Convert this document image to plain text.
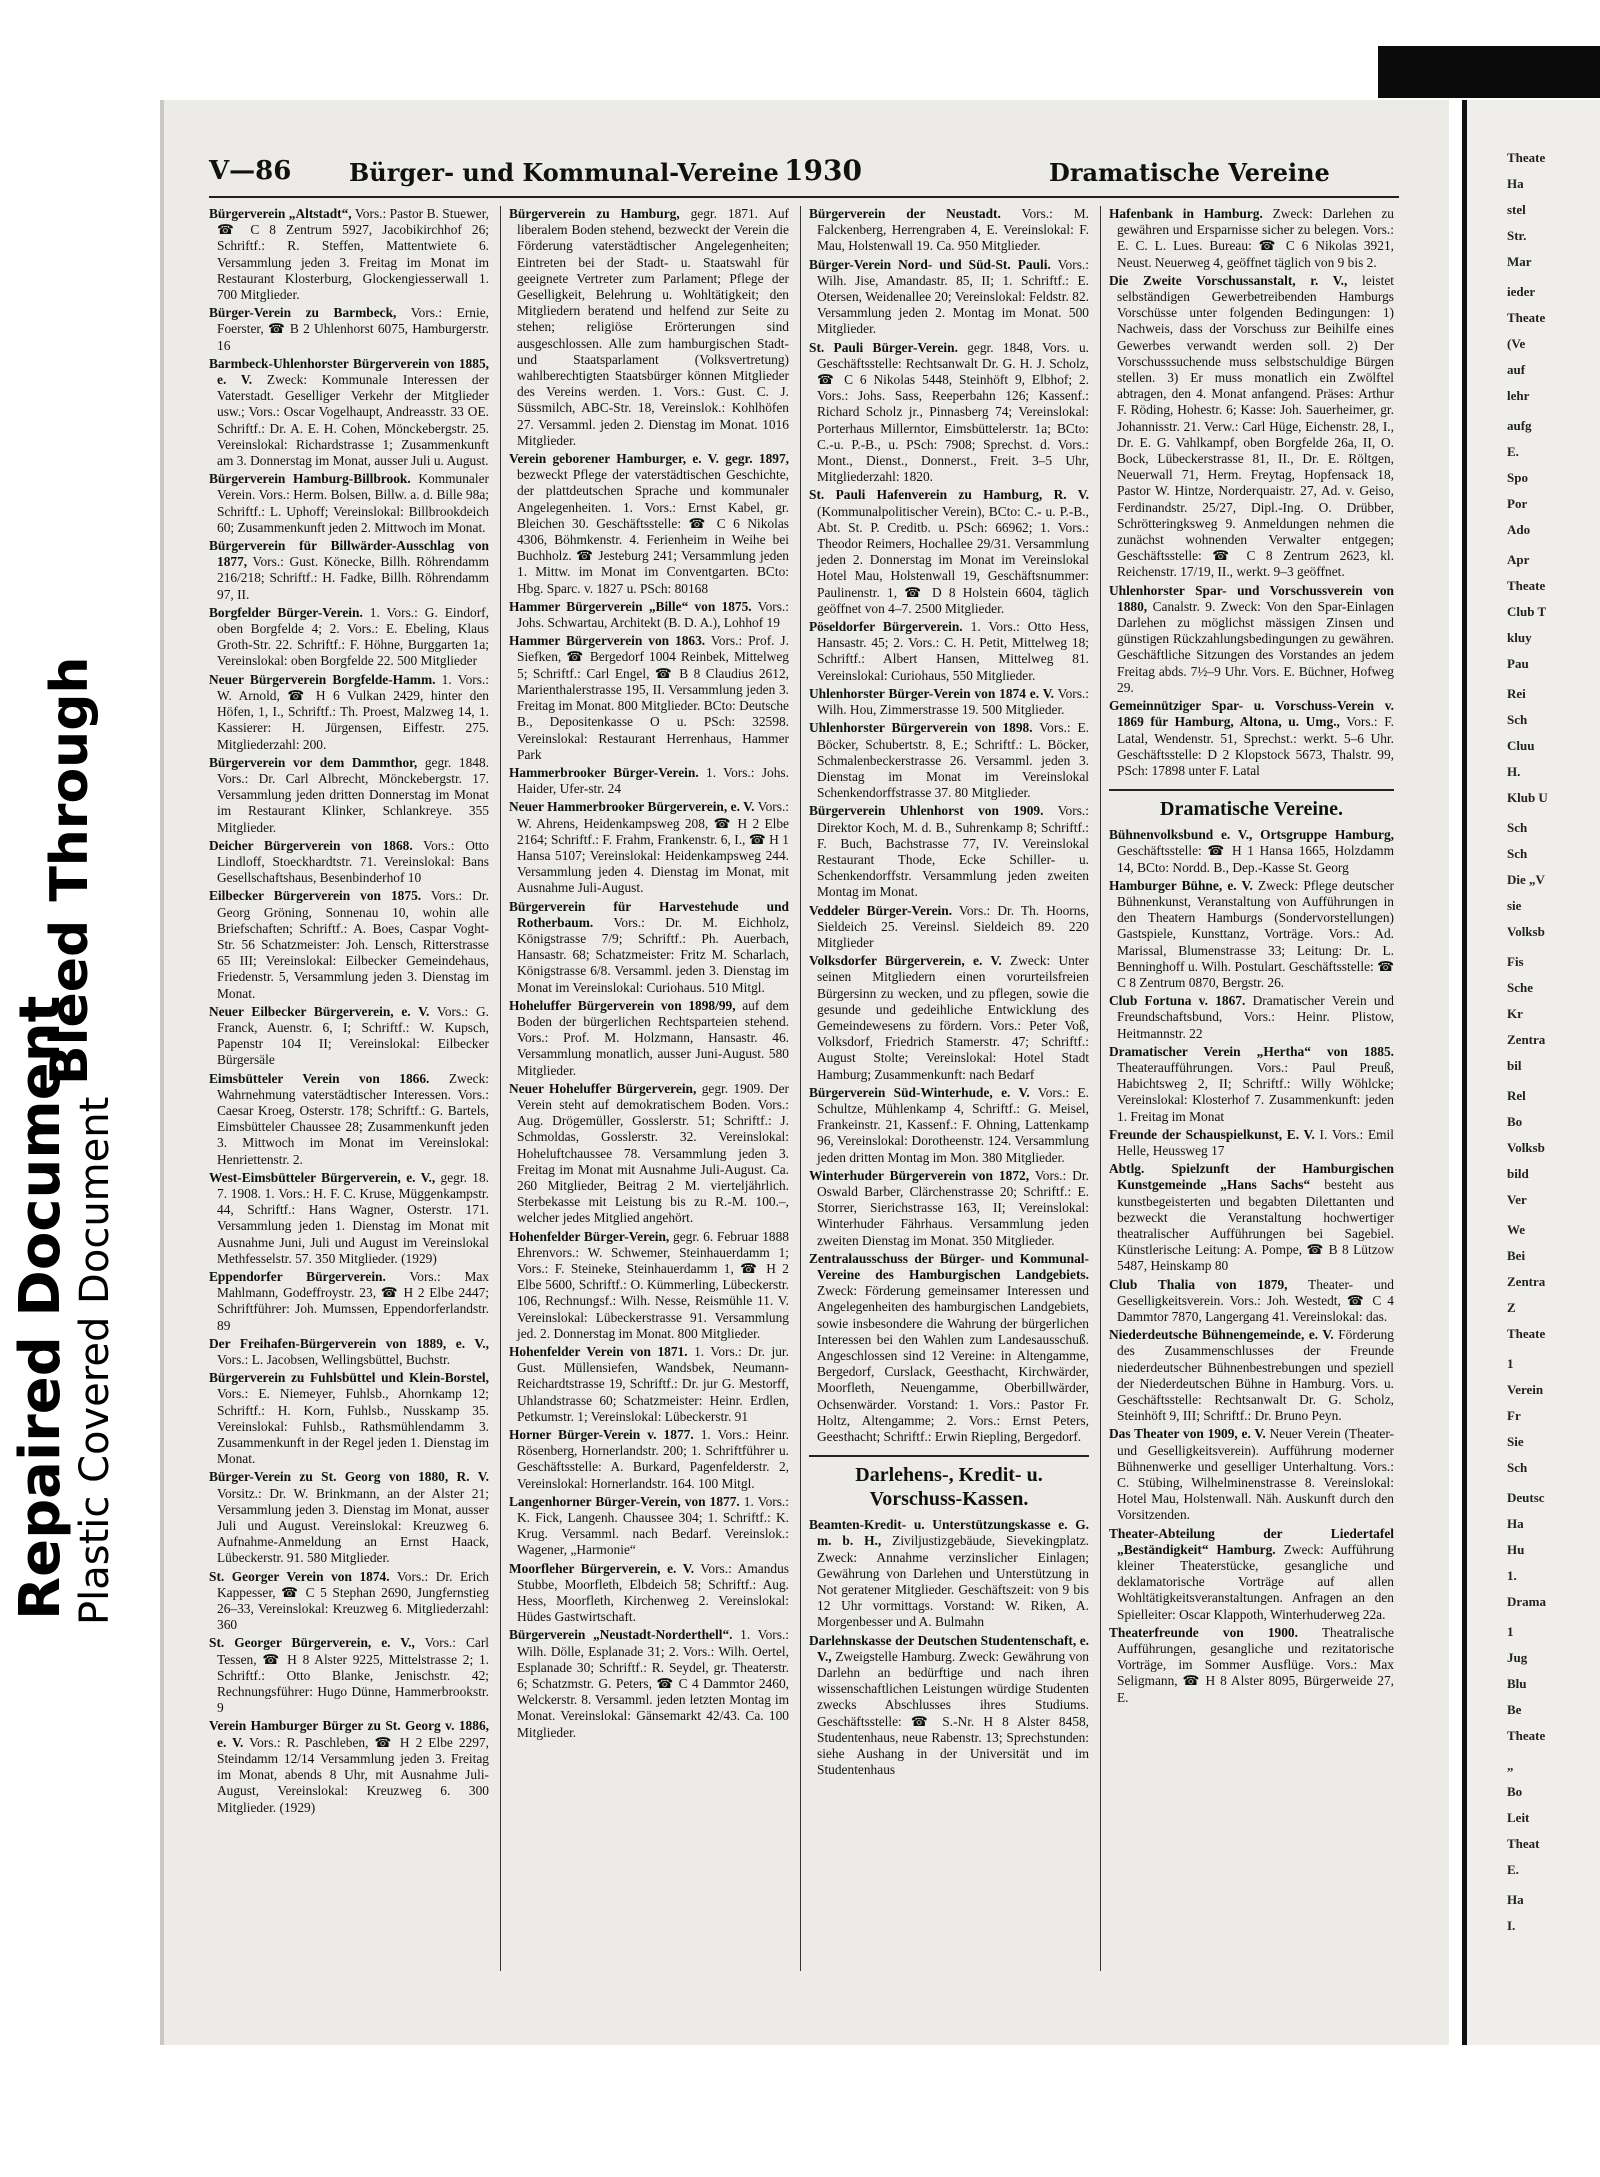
Repaired Document Plastic Covered Document
Bleed Through
V—86 Bürger- und Kommunal-Vereine 1930	Dramatische Vereine

Bürgerverein „Altstadt“, Vors.: Pastor B. Stuewer, ☎ C 8 Zentrum 5927, Jacobikirchhof 26; Schriftf.: R. Steffen, Mattentwiete 6. Versammlung jeden 3. Freitag im Monat im Restaurant Klosterburg, Glockengiesserwall 1. 700 Mitglieder.

Bürger-Verein zu Barmbeck, Vors.: Ernie, Foerster, ☎ B 2 Uhlenhorst 6075, Hamburgerstr. 16

Barmbeck-Uhlenhorster Bürgerverein von 1885, e. V. Zweck: Kommunale Interessen der Vaterstadt. Geselliger Verkehr der Mitglieder usw.; Vors.: Oscar Vogelhaupt, Andreasstr. 33 OE. Schriftf.: Dr. A. E. H. Cohen, Mönckebergstr. 25. Vereinslokal: Richardstrasse 1; Zusammenkunft am 3. Donnerstag im Monat, ausser Juli u. August.

Bürgerverein Hamburg-Billbrook. Kommunaler Verein. Vors.: Herm. Bolsen, Billw. a. d. Bille 98a; Schriftf.: L. Uphoff; Vereinslokal: Billbrookdeich 60; Zusammenkunft jeden 2. Mittwoch im Monat.

Bürgerverein für Billwärder-Ausschlag von 1877, Vors.: Gust. Könecke, Billh. Röhrendamm 216/218; Schriftf.: H. Fadke, Billh. Röhrendamm 97, II.

Borgfelder Bürger-Verein. 1. Vors.: G. Eindorf, oben Borgfelde 4; 2. Vors.: E. Ebeling, Klaus Groth-Str. 22. Schriftf.: F. Höhne, Burggarten 1a; Vereinslokal: oben Borgfelde 22. 500 Mitglieder

Neuer Bürgerverein Borgfelde-Hamm. 1. Vors.: W. Arnold, ☎ H 6 Vulkan 2429, hinter den Höfen, 1, I., Schriftf.: Th. Proest, Malzweg 14, 1. Kassierer: H. Jürgensen, Eiffestr. 275. Mitgliederzahl: 200.

Bürgerverein vor dem Dammthor, gegr. 1848. Vors.: Dr. Carl Albrecht, Mönckebergstr. 17. Versammlung jeden dritten Donnerstag im Monat im Restaurant Klinker, Schlankreye. 355 Mitglieder.

Deicher Bürgerverein von 1868. Vors.: Otto Lindloff, Stoeckhardtstr. 71. Vereinslokal: Bans Gesellschaftshaus, Besenbinderhof 10

Eilbecker Bürgerverein von 1875. Vors.: Dr. Georg Gröning, Sonnenau 10, wohin alle Briefschaften; Schriftf.: A. Boes, Caspar Voght-Str. 56 Schatzmeister: Joh. Lensch, Ritterstrasse 65 III; Vereinslokal: Eilbecker Gemeindehaus, Friedenstr. 5, Versammlung jeden 3. Dienstag im Monat.

Neuer Eilbecker Bürgerverein, e. V. Vors.: G. Franck, Auenstr. 6, I; Schriftf.: W. Kupsch, Papenstr 104 II; Vereinslokal: Eilbecker Bürgersäle

Eimsbütteler Verein von 1866. Zweck: Wahrnehmung vaterstädtischer Interessen. Vors.: Caesar Kroeg, Osterstr. 178; Schriftf.: G. Bartels, Eimsbütteler Chaussee 28; Zusammenkunft jeden 3. Mittwoch im Monat im Vereinslokal: Henriettenstr. 2.

West-Eimsbütteler Bürgerverein, e. V., gegr. 18. 7. 1908. 1. Vors.: H. F. C. Kruse, Müggenkampstr. 44, Schriftf.: Hans Wagner, Osterstr. 171. Versammlung jeden 1. Dienstag im Monat mit Ausnahme Juni, Juli und August im Vereinslokal Methfesselstr. 57. 350 Mitglieder. (1929)

Eppendorfer Bürgerverein. Vors.: Max Mahlmann, Godeffroystr. 23, ☎ H 2 Elbe 2447; Schriftführer: Joh. Mumssen, Eppendorferlandstr. 89

Der Freihafen-Bürgerverein von 1889, e. V., Vors.: L. Jacobsen, Wellingsbüttel, Buchstr.

Bürgerverein zu Fuhlsbüttel und Klein-Borstel, Vors.: E. Niemeyer, Fuhlsb., Ahornkamp 12; Schriftf.: H. Korn, Fuhlsb., Nusskamp 35. Vereinslokal: Fuhlsb., Rathsmühlendamm 3. Zusammenkunft in der Regel jeden 1. Dienstag im Monat.

Bürger-Verein zu St. Georg von 1880, R. V. Vorsitz.: Dr. W. Brinkmann, an der Alster 21; Versammlung jeden 3. Dienstag im Monat, ausser Juli und August. Vereinslokal: Kreuzweg 6. Aufnahme-Anmeldung an Ernst Haack, Lübeckerstr. 91. 580 Mitglieder.

St. Georger Verein von 1874. Vors.: Dr. Erich Kappesser, ☎ C 5 Stephan 2690, Jungfernstieg 26–33, Vereinslokal: Kreuzweg 6. Mitgliederzahl: 360

St. Georger Bürgerverein, e. V., Vors.: Carl Tessen, ☎ H 8 Alster 9225, Mittelstrasse 2; 1. Schriftf.: Otto Blanke, Jenischstr. 42; Rechnungsführer: Hugo Dünne, Hammerbrookstr. 9

Verein Hamburger Bürger zu St. Georg v. 1886, e. V. Vors.: R. Paschleben, ☎ H 2 Elbe 2297, Steindamm 12/14 Versammlung jeden 3. Freitag im Monat, abends 8 Uhr, mit Ausnahme Juli-August, Vereinslokal: Kreuzweg 6. 300 Mitglieder. (1929)

Bürgerverein zu Hamburg, gegr. 1871. Auf liberalem Boden stehend, bezweckt der Verein die Förderung vaterstädtischer Angelegenheiten; Eintreten bei der Stadt- u. Staatswahl für geeignete Vertreter zum Parlament; Pflege der Geselligkeit, Belehrung u. Wohltätigkeit; den Mitgliedern beratend und helfend zur Seite zu stehen; religiöse Erörterungen sind ausgeschlossen. Alle zum hamburgischen Stadt- und Staatsparlament (Volksvertretung) wahlberechtigten Staatsbürger können Mitglieder des Vereins werden. 1. Vors.: Gust. C. J. Süssmilch, ABC-Str. 18, Vereinslok.: Kohlhöfen 27. Versamml. jeden 2. Dienstag im Monat. 1016 Mitglieder.

Verein geborener Hamburger, e. V. gegr. 1897, bezweckt Pflege der vaterstädtischen Geschichte, der plattdeutschen Sprache und kommunaler Angelegenheiten. 1. Vors.: Ernst Kabel, gr. Bleichen 30. Geschäftsstelle: ☎ C 6 Nikolas 4306, Böhmkenstr. 4. Ferienheim in Weihe bei Buchholz. ☎ Jesteburg 241; Versammlung jeden 1. Mittw. im Monat im Conventgarten. BCto: Hbg. Sparc. v. 1827 u. PSch: 80168

Hammer Bürgerverein „Bille“ von 1875. Vors.: Johs. Schwartau, Architekt (B. D. A.), Lohhof 19

Hammer Bürgerverein von 1863. Vors.: Prof. J. Siefken, ☎ Bergedorf 1004 Reinbek, Mittelweg 5; Schriftf.: Carl Engel, ☎ B 8 Claudius 2612, Marienthalerstrasse 195, II. Versammlung jeden 3. Freitag im Monat. 800 Mitglieder. BCto: Deutsche B., Depositenkasse O u. PSch: 32598. Vereinslokal: Restaurant Herrenhaus, Hammer Park

Hammerbrooker Bürger-Verein. 1. Vors.: Johs. Haider, Ufer-str. 24

Neuer Hammerbrooker Bürgerverein, e. V. Vors.: W. Ahrens, Heidenkampsweg 208, ☎ H 2 Elbe 2164; Schriftf.: F. Frahm, Frankenstr. 6, I., ☎ H 1 Hansa 5107; Vereinslokal: Heidenkampsweg 244. Versammlung jeden 4. Dienstag im Monat, mit Ausnahme Juli-August.

Bürgerverein für Harvestehude und Rotherbaum. Vors.: Dr. M. Eichholz, Königstrasse 7/9; Schriftf.: Ph. Auerbach, Hansastr. 68; Schatzmeister: Fritz M. Scharlach, Königstrasse 6/8. Versamml. jeden 3. Dienstag im Monat im Vereinslokal: Curiohaus. 510 Mitgl.

Hoheluffer Bürgerverein von 1898/99, auf dem Boden der bürgerlichen Rechtsparteien stehend. Vors.: Prof. M. Holzmann, Hansastr. 46. Versammlung monatlich, ausser Juni-August. 580 Mitglieder.

Neuer Hoheluffer Bürgerverein, gegr. 1909. Der Verein steht auf demokratischem Boden. Vors.: Aug. Drögemüller, Gosslerstr. 51; Schriftf.: J. Schmoldas, Gosslerstr. 32. Vereinslokal: Hoheluftchaussee 78. Versammlung jeden 3. Freitag im Monat mit Ausnahme Juli-August. Ca. 260 Mitglieder, Beitrag 2 M. vierteljährlich. Sterbekasse mit Leistung bis zu R.-M. 100.–, welcher jedes Mitglied angehört.

Hohenfelder Bürger-Verein, gegr. 6. Februar 1888 Ehrenvors.: W. Schwemer, Steinhauerdamm 1; Vors.: F. Steineke, Steinhauerdamm 1, ☎ H 2 Elbe 5600, Schriftf.: O. Kümmerling, Lübeckerstr. 106, Rechnungsf.: Wilh. Nesse, Reismühle 11. V. Vereinslokal: Lübeckerstrasse 91. Versammlung jed. 2. Donnerstag im Monat. 800 Mitglieder.

Hohenfelder Verein von 1871. 1. Vors.: Dr. jur. Gust. Müllensiefen, Wandsbek, Neumann-Reichardtstrasse 19, Schriftf.: Dr. jur G. Mestorff, Uhlandstrasse 60; Schatzmeister: Heinr. Erdlen, Petkumstr. 1; Vereinslokal: Lübeckerstr. 91

Horner Bürger-Verein v. 1877. 1. Vors.: Heinr. Rösenberg, Hornerlandstr. 200; 1. Schriftführer u. Geschäftsstelle: A. Burkard, Pagenfelderstr. 2, Vereinslokal: Hornerlandstr. 164. 100 Mitgl.

Langenhorner Bürger-Verein, von 1877. 1. Vors.: K. Fick, Langenh. Chaussee 304; 1. Schriftf.: K. Krug. Versamml. nach Bedarf. Vereinslok.: Wagener, „Harmonie“

Moorfleher Bürgerverein, e. V. Vors.: Amandus Stubbe, Moorfleth, Elbdeich 58; Schriftf.: Aug. Hess, Moorfleth, Kirchenweg 2. Vereinslokal: Hüdes Gastwirtschaft.

Bürgerverein „Neustadt-Norderthell“. 1. Vors.: Wilh. Dölle, Esplanade 31; 2. Vors.: Wilh. Oertel, Esplanade 30; Schriftf.: R. Seydel, gr. Theaterstr. 6; Schatzmstr. G. Peters, ☎ C 4 Dammtor 2460, Welckerstr. 8. Versamml. jeden letzten Montag im Monat. Vereinslokal: Gänsemarkt 42/43. Ca. 100 Mitglieder.

Bürgerverein der Neustadt. Vors.: M. Falckenberg, Herrengraben 4, E. Vereinslokal: F. Mau, Holstenwall 19. Ca. 950 Mitglieder.

Bürger-Verein Nord- und Süd-St. Pauli. Vors.: Wilh. Jise, Amandastr. 85, II; 1. Schriftf.: E. Otersen, Weidenallee 20; Vereinslokal: Feldstr. 82. Versammlung jeden 2. Montag im Monat. 500 Mitglieder.

St. Pauli Bürger-Verein. gegr. 1848, Vors. u. Geschäftsstelle: Rechtsanwalt Dr. G. H. J. Scholz, ☎ C 6 Nikolas 5448, Steinhöft 9, Elbhof; 2. Vors.: Johs. Sass, Reeperbahn 126; Kassenf.: Richard Scholz jr., Pinnasberg 74; Vereinslokal: Porterhaus Millerntor, Eimsbüttelerstr. 1a; BCto: C.-u. P.-B., u. PSch: 7908; Sprechst. d. Vors.: Mont., Dienst., Donnerst., Freit. 3–5 Uhr, Mitgliederzahl: 1820.

St. Pauli Hafenverein zu Hamburg, R. V. (Kommunalpolitischer Verein), BCto: C.- u. P.-B., Abt. St. P. Creditb. u. PSch: 66962; 1. Vors.: Theodor Reimers, Hochallee 29/31. Versammlung jeden 2. Donnerstag im Monat im Vereinslokal Hotel Mau, Holstenwall 19, Geschäftsnummer: Paulinenstr. 1, ☎ D 8 Holstein 6604, täglich geöffnet von 4–7. 2500 Mitglieder.

Pöseldorfer Bürgerverein. 1. Vors.: Otto Hess, Hansastr. 45; 2. Vors.: C. H. Petit, Mittelweg 18; Schriftf.: Albert Hansen, Mittelweg 81. Vereinslokal: Curiohaus, 550 Mitglieder.

Uhlenhorster Bürger-Verein von 1874 e. V. Vors.: Wilh. Hou, Zimmerstrasse 19. 500 Mitglieder.

Uhlenhorster Bürgerverein von 1898. Vors.: E. Böcker, Schubertstr. 8, E.; Schriftf.: L. Böcker, Schmalenbeckerstrasse 26. Versamml. jeden 3. Dienstag im Monat im Vereinslokal Schenkendorffstrasse 37. 80 Mitglieder.

Bürgerverein Uhlenhorst von 1909. Vors.: Direktor Koch, M. d. B., Suhrenkamp 8; Schriftf.: F. Buch, Bachstrasse 77, IV. Vereinslokal Restaurant Thode, Ecke Schiller- u. Schenkendorffstr. Versammlung jeden zweiten Montag im Monat.

Veddeler Bürger-Verein. Vors.: Dr. Th. Hoorns, Sieldeich 25. Vereinsl. Sieldeich 89. 220 Mitglieder

Volksdorfer Bürgerverein, e. V. Zweck: Unter seinen Mitgliedern einen vorurteilsfreien Bürgersinn zu wecken, und zu pflegen, sowie die gesunde und gedeihliche Entwicklung des Gemeindewesens zu fördern. Vors.: Peter Voß, Volksdorf, Friedrich Stamerstr. 47; Schriftf.: August Stolte; Vereinslokal: Hotel Stadt Hamburg; Zusammenkunft: nach Bedarf

Bürgerverein Süd-Winterhude, e. V. Vors.: E. Schultze, Mühlenkamp 4, Schriftf.: G. Meisel, Frankeinstr. 21, Kassenf.: F. Ohning, Lattenkamp 96, Vereinslokal: Dorotheenstr. 124. Versammlung jeden dritten Montag im Mon. 380 Mitglieder.

Winterhuder Bürgerverein von 1872, Vors.: Dr. Oswald Barber, Clärchenstrasse 20; Schriftf.: E. Storrer, Sierichstrasse 163, II; Vereinslokal: Winterhuder Fährhaus. Versammlung jeden zweiten Dienstag im Monat. 350 Mitglieder.

Zentralausschuss der Bürger- und Kommunal-Vereine des Hamburgischen Landgebiets. Zweck: Förderung gemeinsamer Interessen und Angelegenheiten des hamburgischen Landgebiets, sowie insbesondere die Wahrung der bürgerlichen Interessen bei den Wahlen zum Landesausschuß. Angeschlossen sind 12 Vereine: in Altengamme, Bergedorf, Curslack, Geesthacht, Kirchwärder, Moorfleth, Neuengamme, Oberbillwärder, Ochsenwärder. Vorstand: 1. Vors.: Pastor Fr. Holtz, Altengamme; 2. Vors.: Ernst Peters, Geesthacht; Schriftf.: Erwin Riepling, Bergedorf.

Darlehens-, Kredit- u. Vorschuss-Kassen.

Beamten-Kredit- u. Unterstützungskasse e. G. m. b. H., Ziviljustizgebäude, Sievekingplatz. Zweck: Annahme verzinslicher Einlagen; Gewährung von Darlehen und Unterstützung in Not geratener Mitglieder. Geschäftszeit: von 9 bis 12 Uhr vormittags. Vorstand: W. Riken, A. Morgenbesser und A. Bulmahn

Darlehnskasse der Deutschen Studentenschaft, e. V., Zweigstelle Hamburg. Zweck: Gewährung von Darlehn an bedürftige und nach ihren wissenschaftlichen Leistungen würdige Studenten zwecks Abschlusses ihres Studiums. Geschäftsstelle: ☎ S.-Nr. H 8 Alster 8458, Studentenhaus, neue Rabenstr. 13; Sprechstunden: siehe Aushang in der Universität und im Studentenhaus

Hafenbank in Hamburg. Zweck: Darlehen zu gewähren und Ersparnisse sicher zu belegen. Vors.: E. C. L. Lues. Bureau: ☎ C 6 Nikolas 3921, Neust. Neuerweg 4, geöffnet täglich von 9 bis 2.

Die Zweite Vorschussanstalt, r. V., leistet selbständigen Gewerbetreibenden Hamburgs Vorschüsse unter folgenden Bedingungen: 1) Nachweis, dass der Vorschuss zur Beihilfe eines Gewerbes verwandt werden soll. 2) Der Vorschusssuchende muss selbstschuldige Bürgen stellen. 3) Er muss monatlich ein Zwölftel abtragen, den 4. Monat anfangend. Präses: Arthur F. Röding, Hohestr. 6; Kasse: Joh. Sauerheimer, gr. Johannisstr. 21. Verw.: Carl Hüge, Eichenstr. 28, I., Dr. E. G. Vahlkampf, oben Borgfelde 26a, II, O. Bock, Lübeckerstrasse 81, II., Dr. E. Röltgen, Neuerwall 71, Herm. Freytag, Hopfensack 18, Pastor W. Hintze, Norderquaistr. 27, Ad. v. Geiso, Ferdinandstr. 25/27, Dipl.-Ing. O. Drübber, Schrötteringksweg 9. Anmeldungen nehmen die zunächst wohnenden Verwalter entgegen; Geschäftsstelle: ☎ C 8 Zentrum 2623, kl. Reichenstr. 17/19, II., werkt. 9–3 geöffnet.

Uhlenhorster Spar- und Vorschussverein von 1880, Canalstr. 9. Zweck: Von den Spar-Einlagen Darlehen zu möglichst mässigen Zinsen und günstigen Rückzahlungsbedingungen zu gewähren. Geschäftliche Sitzungen des Vorstandes an jedem Freitag abds. 7½–9 Uhr. Vors. E. Büchner, Hofweg 29.

Gemeinnütziger Spar- u. Vorschuss-Verein v. 1869 für Hamburg, Altona, u. Umg., Vors.: F. Latal, Wendenstr. 51, Sprechst.: werkt. 5–6 Uhr. Geschäftsstelle: D 2 Klopstock 5673, Thalstr. 99, PSch: 17898 unter F. Latal

Dramatische Vereine.

Bühnenvolksbund e. V., Ortsgruppe Hamburg, Geschäftsstelle: ☎ H 1 Hansa 1665, Holzdamm 14, BCto: Nordd. B., Dep.-Kasse St. Georg

Hamburger Bühne, e. V. Zweck: Pflege deutscher Bühnenkunst, Veranstaltung von Aufführungen in den Theatern Hamburgs (Sondervorstellungen) Gastspiele, Kunsttanz, Vorträge. Vors.: Ad. Marissal, Blumenstrasse 33; Leitung: Dr. L. Benninghoff u. Wilh. Postulart. Geschäftsstelle: ☎ C 8 Zentrum 0870, Bergstr. 26.

Club Fortuna v. 1867. Dramatischer Verein und Freundschaftsbund, Vors.: Heinr. Plistow, Heitmannstr. 22

Dramatischer Verein „Hertha“ von 1885. Theateraufführungen. Vors.: Paul Preuß, Habichtsweg 2, II; Schriftf.: Willy Wöhlcke; Vereinslokal: Klosterhof 7. Zusammenkunft: jeden 1. Freitag im Monat

Freunde der Schauspielkunst, E. V. I. Vors.: Emil Helle, Heussweg 17

Abtlg. Spielzunft der Hamburgischen Kunstgemeinde „Hans Sachs“ besteht aus kunstbegeisterten und begabten Dilettanten und bezweckt die Veranstaltung hochwertiger theatralischer Aufführungen bei Sagebiel. Künstlerische Leitung: A. Pompe, ☎ B 8 Lützow 5487, Heinskamp 80

Club Thalia von 1879, Theater- und Geselligkeitsverein. Vors.: Joh. Westedt, ☎ C 4 Dammtor 7870, Langergang 41. Vereinslokal: das.

Niederdeutsche Bühnengemeinde, e. V. Förderung des Zusammenschlusses der Freunde niederdeutscher Bühnenbestrebungen und speziell der Niederdeutschen Bühne in Hamburg. Vors. u. Geschäftsstelle: Rechtsanwalt Dr. G. Scholz, Steinhöft 9, III; Schriftf.: Dr. Bruno Peyn.

Das Theater von 1909, e. V. Neuer Verein (Theater- und Geselligkeitsverein). Aufführung moderner Bühnenwerke und geselliger Unterhaltung. Vors.: C. Stübing, Wilhelminenstrasse 8. Vereinslokal: Hotel Mau, Holstenwall. Näh. Auskunft durch den Vorsitzenden.

Theater-Abteilung der Liedertafel „Beständigkeit“ Hamburg. Zweck: Aufführung kleiner Theaterstücke, gesangliche und deklamatorische Vorträge auf allen Wohltätigkeitsveranstaltungen. Anfragen an den Spielleiter: Oscar Klappoth, Winterhuderweg 22a.

Theaterfreunde von 1900. Theatralische Aufführungen, gesangliche und rezitatorische Vorträge, im Sommer Ausflüge. Vors.: Max Seligmann, ☎ H 8 Alster 8095, Bürgerweide 27, E.

Theate
Ha
stel
Str.
Mar
ieder
Theate
(Ve
auf
lehr
aufg
E.
Spo
Por
Ado
Apr
Theate
Club T
kluy
Pau
Rei
Sch
Cluu
H.
Klub U
Sch
Sch
Die „V
sie
Volksb
Fis
Sche
Kr
Zentra
bil
Rel
Bo
Volksb
bild
Ver
We
Bei
Zentra
Z
Theate
1
Verein
Fr
Sie
Sch
Deutsc
Ha
Hu
1.
Drama
1
Jug
Blu
Be
Theate
„
Bo
Leit
Theat
E.
Ha
I.
